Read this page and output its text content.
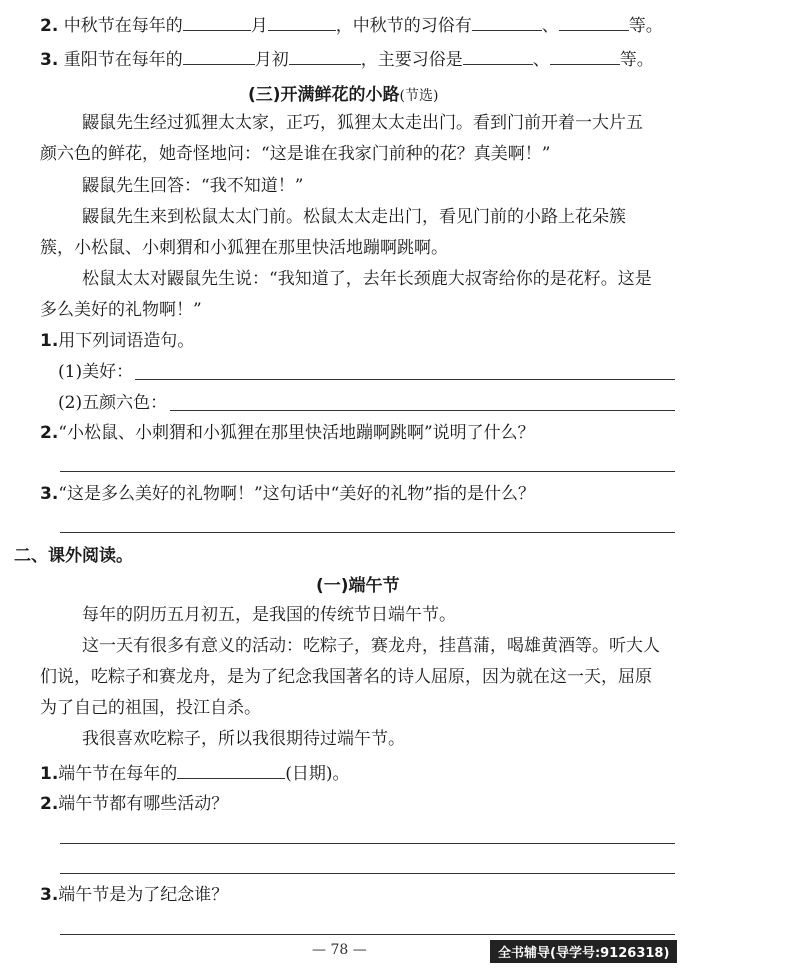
2. 中秋节在每年的	月	，中秋节的习俗有	、	等。
3. 重阳节在每年的	月初	，主要习俗是	、	等。
(三)开满鲜花的小路(节选)
鼹鼠先生经过狐狸太太家，正巧，狐狸太太走出门。看到门前开着一大片五
颜六色的鲜花，她奇怪地问：“这是谁在我家门前种的花？真美啊！”
鼹鼠先生回答：“我不知道！”
鼹鼠先生来到松鼠太太门前。松鼠太太走出门，看见门前的小路上花朵簇
簇，小松鼠、小刺猬和小狐狸在那里快活地蹦啊跳啊。
松鼠太太对鼹鼠先生说：“我知道了，去年长颈鹿大叔寄给你的是花籽。这是
多么美好的礼物啊！”
1.用下列词语造句。
(1)美好：
(2)五颜六色：
2.“小松鼠、小刺猬和小狐狸在那里快活地蹦啊跳啊”说明了什么？
3.“这是多么美好的礼物啊！”这句话中“美好的礼物”指的是什么？
二、课外阅读。
(一)端午节
每年的阴历五月初五，是我国的传统节日端午节。
这一天有很多有意义的活动：吃粽子，赛龙舟，挂菖蒲，喝雄黄酒等。听大人
们说，吃粽子和赛龙舟，是为了纪念我国著名的诗人屈原，因为就在这一天，屈原
为了自己的祖国，投江自杀。
我很喜欢吃粽子，所以我很期待过端午节。
1.端午节在每年的	(日期)。
2.端午节都有哪些活动？
3.端午节是为了纪念谁？
— 78 —	全书辅导(导学号:9126318)
